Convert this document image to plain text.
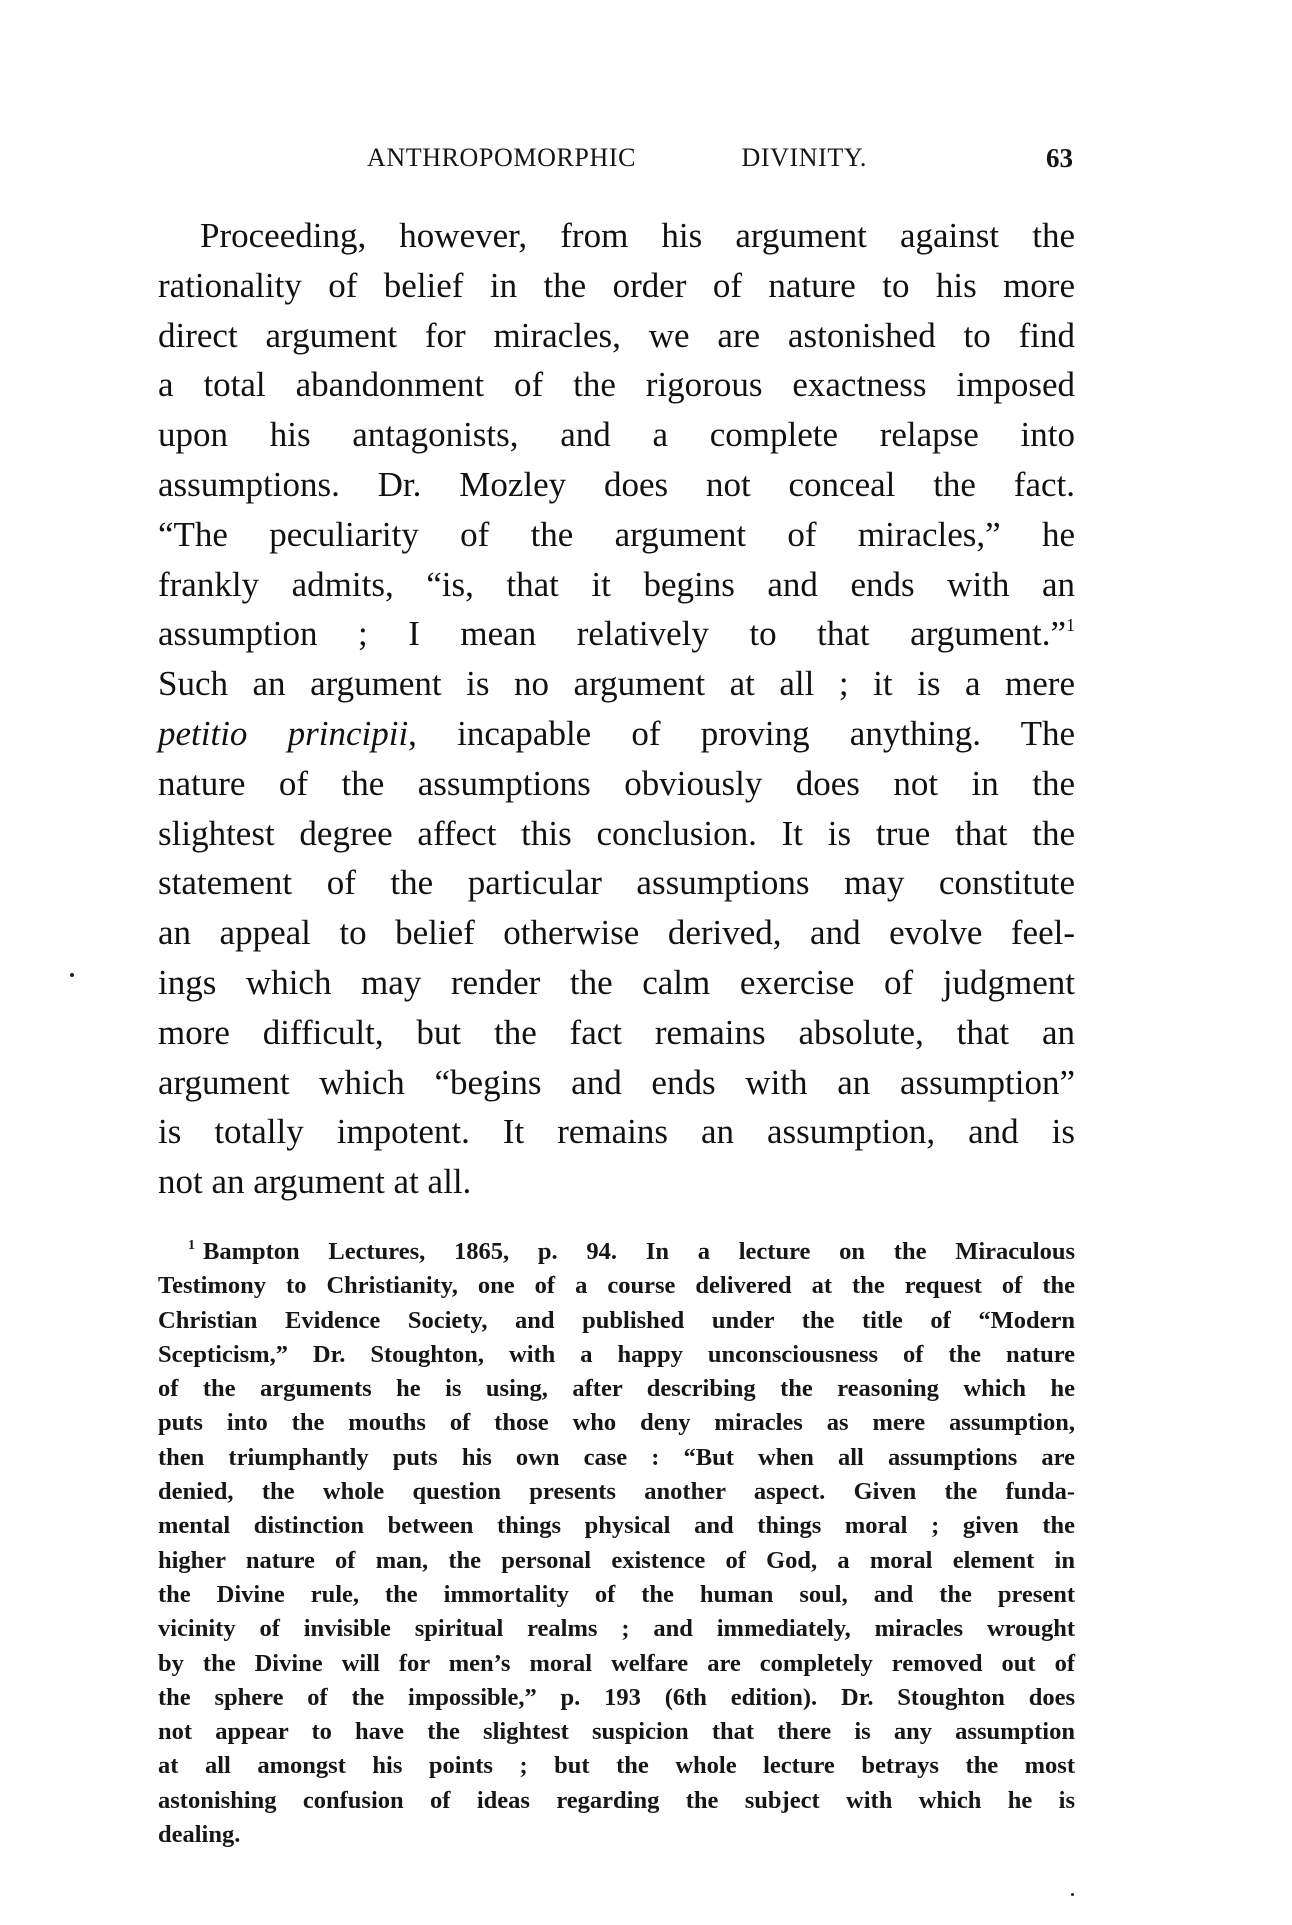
ANTHROPOMORPHIC DIVINITY.	63
Proceeding, however, from his argument against the
rationality of belief in the order of nature to his more
direct argument for miracles, we are astonished to find
a total abandonment of the rigorous exactness imposed
upon his antagonists, and a complete relapse into
assumptions. Dr. Mozley does not conceal the fact.
“The peculiarity of the argument of miracles,” he
frankly admits, “is, that it begins and ends with an
assumption ; I mean relatively to that argument.”$^1$
Such an argument is no argument at all ; it is a mere
petitio principii, incapable of proving anything. The
nature of the assumptions obviously does not in the
slightest degree affect this conclusion. It is true that the
statement of the particular assumptions may constitute
an appeal to belief otherwise derived, and evolve feel-
ings which may render the calm exercise of judgment
more difficult, but the fact remains absolute, that an
argument which “begins and ends with an assumption”
is totally impotent. It remains an assumption, and is
not an argument at all.
$^1$ Bampton Lectures, 1865, p. 94. In a lecture on the Miraculous
Testimony to Christianity, one of a course delivered at the request of the
Christian Evidence Society, and published under the title of “Modern
Scepticism,” Dr. Stoughton, with a happy unconsciousness of the nature
of the arguments he is using, after describing the reasoning which he
puts into the mouths of those who deny miracles as mere assumption,
then triumphantly puts his own case : “But when all assumptions are
denied, the whole question presents another aspect. Given the funda-
mental distinction between things physical and things moral ; given the
higher nature of man, the personal existence of God, a moral element in
the Divine rule, the immortality of the human soul, and the present
vicinity of invisible spiritual realms ; and immediately, miracles wrought
by the Divine will for men’s moral welfare are completely removed out of
the sphere of the impossible,” p. 193 (6th edition). Dr. Stoughton does
not appear to have the slightest suspicion that there is any assumption
at all amongst his points ; but the whole lecture betrays the most
astonishing confusion of ideas regarding the subject with which he is
dealing.
